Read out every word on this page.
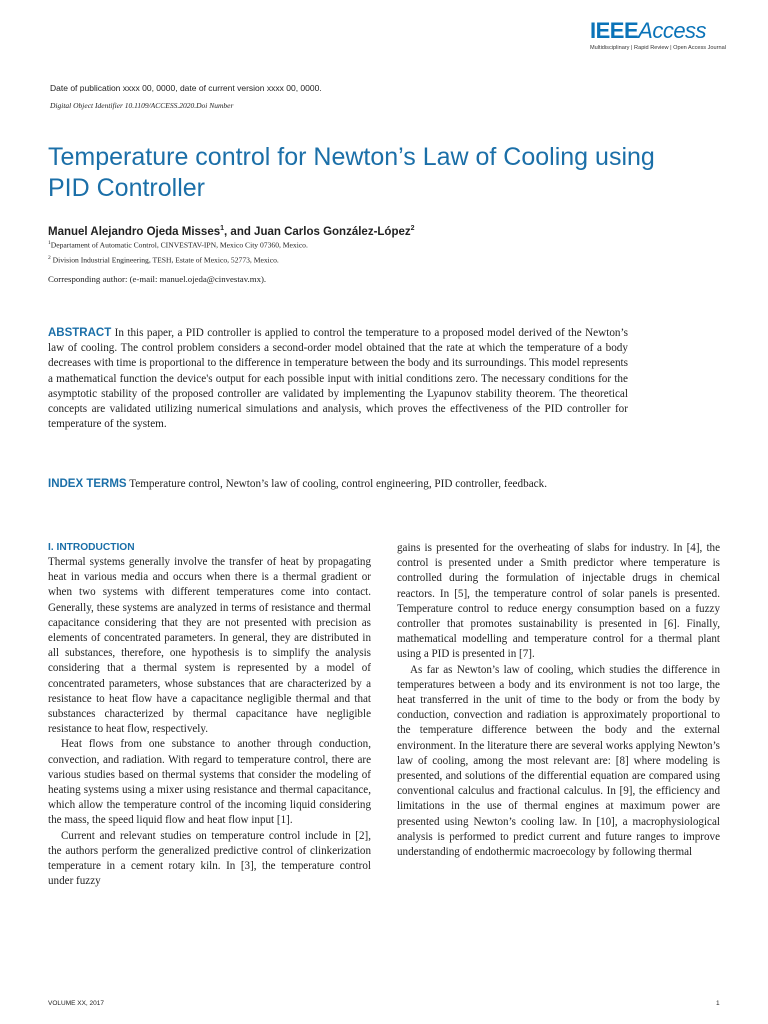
IEEEAccess
Multidisciplinary | Rapid Review | Open Access Journal
Date of publication xxxx 00, 0000, date of current version xxxx 00, 0000.
Digital Object Identifier 10.1109/ACCESS.2020.Doi Number
Temperature control for Newton’s Law of Cooling using PID Controller
Manuel Alejandro Ojeda Misses$^1$, and Juan Carlos González-López$^2$
$^1$Departament of Automatic Control, CINVESTAV-IPN, Mexico City 07360, Mexico.
$^2$ Division Industrial Engineering, TESH, Estate of Mexico, 52773, Mexico.
Corresponding author: (e-mail: manuel.ojeda@cinvestav.mx).
ABSTRACT In this paper, a PID controller is applied to control the temperature to a proposed model derived of the Newton’s law of cooling. The control problem considers a second-order model obtained that the rate at which the temperature of a body decreases with time is proportional to the difference in temperature between the body and its surroundings. This model represents a mathematical function the device's output for each possible input with initial conditions zero. The necessary conditions for the asymptotic stability of the proposed controller are validated by implementing the Lyapunov stability theorem. The theoretical concepts are validated utilizing numerical simulations and analysis, which proves the effectiveness of the PID controller for temperature of the system.
INDEX TERMS Temperature control, Newton’s law of cooling, control engineering, PID controller, feedback.
I. INTRODUCTION

Thermal systems generally involve the transfer of heat by propagating heat in various media and occurs when there is a thermal gradient or when two systems with different temperatures come into contact. Generally, these systems are analyzed in terms of resistance and thermal capacitance considering that they are not presented with precision as elements of concentrated parameters. In general, they are distributed in all substances, therefore, one hypothesis is to simplify the analysis considering that a thermal system is represented by a model of concentrated parameters, whose substances that are characterized by a resistance to heat flow have a capacitance negligible thermal and that substances characterized by thermal capacitance have negligible resistance to heat flow, respectively.

Heat flows from one substance to another through conduction, convection, and radiation. With regard to temperature control, there are various studies based on thermal systems that consider the modeling of heating systems using a mixer using resistance and thermal capacitance, which allow the temperature control of the incoming liquid considering the mass, the speed liquid flow and heat flow input [1].

Current and relevant studies on temperature control include in [2], the authors perform the generalized predictive control of clinkerization temperature in a cement rotary kiln. In [3], the temperature control under fuzzy

gains is presented for the overheating of slabs for industry. In [4], the control is presented under a Smith predictor where temperature is controlled during the formulation of injectable drugs in chemical reactors. In [5], the temperature control of solar panels is presented. Temperature control to reduce energy consumption based on a fuzzy controller that promotes sustainability is presented in [6]. Finally, mathematical modelling and temperature control for a thermal plant using a PID is presented in [7].

As far as Newton’s law of cooling, which studies the difference in temperatures between a body and its environment is not too large, the heat transferred in the unit of time to the body or from the body by conduction, convection and radiation is approximately proportional to the temperature difference between the body and the external environment. In the literature there are several works applying Newton’s law of cooling, among the most relevant are: [8] where modeling is presented, and solutions of the differential equation are compared using conventional calculus and fractional calculus. In [9], the efficiency and limitations in the use of thermal engines at maximum power are presented using Newton’s cooling law. In [10], a macrophysiological analysis is performed to predict current and future ranges to improve understanding of endothermic macroecology by following thermal

VOLUME XX, 2017	1
